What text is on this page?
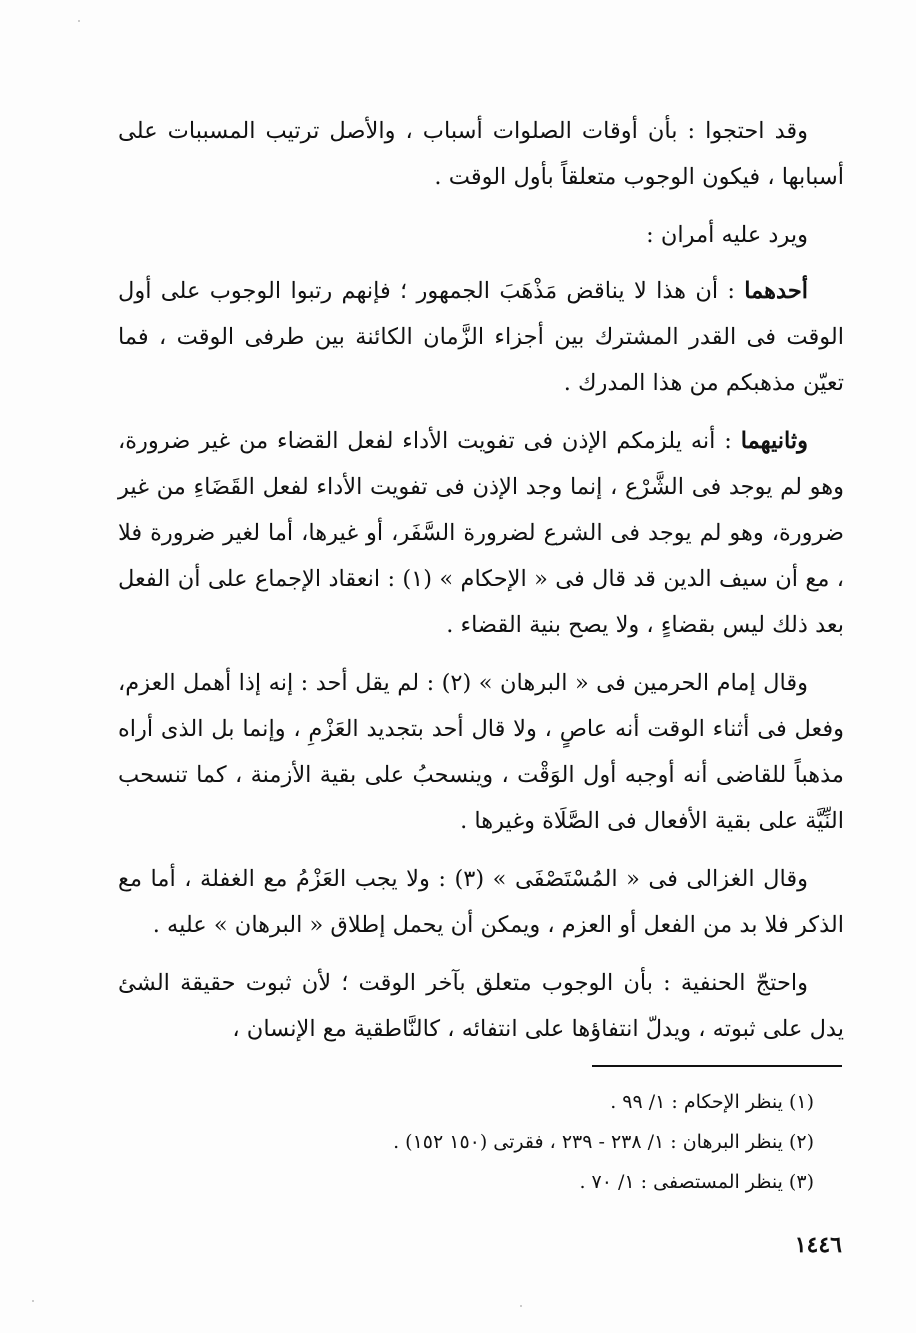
وقد احتجوا : بأن أوقات الصلوات أسباب ، والأصل ترتيب المسببات على أسبابها ، فيكون الوجوب متعلقاً بأول الوقت .

ويرد عليه أمران :

أحدهما : أن هذا لا يناقض مَذْهَبَ الجمهور ؛ فإنهم رتبوا الوجوب على أول الوقت فى القدر المشترك بين أجزاء الزَّمان الكائنة بين طرفى الوقت ، فما تعيّن مذهبكم من هذا المدرك .

وثانيهما : أنه يلزمكم الإذن فى تفويت الأداء لفعل القضاء من غير ضرورة، وهو لم يوجد فى الشَّرْع ، إنما وجد الإذن فى تفويت الأداء لفعل القَضَاءِ من غير ضرورة، وهو لم يوجد فى الشرع لضرورة السَّفَر، أو غيرها، أما لغير ضرورة فلا ، مع أن سيف الدين قد قال فى « الإحكام » (١) : انعقاد الإجماع على أن الفعل بعد ذلك ليس بقضاءٍ ، ولا يصح بنية القضاء .

وقال إمام الحرمين فى « البرهان » (٢) : لم يقل أحد : إنه إذا أهمل العزم، وفعل فى أثناء الوقت أنه عاصٍ ، ولا قال أحد بتجديد العَزْمِ ، وإنما بل الذى أراه مذهباً للقاضى أنه أوجبه أول الوَقْت ، وينسحبُ على بقية الأزمنة ، كما تنسحب النِّيَّة على بقية الأفعال فى الصَّلَاة وغيرها .

وقال الغزالى فى « المُسْتَصْفَى » (٣) : ولا يجب العَزْمُ مع الغفلة ، أما مع الذكر فلا بد من الفعل أو العزم ، ويمكن أن يحمل إطلاق « البرهان » عليه .

واحتجّ الحنفية : بأن الوجوب متعلق بآخر الوقت ؛ لأن ثبوت حقيقة الشئ يدل على ثبوته ، ويدلّ انتفاؤها على انتفائه ، كالنَّاطقية مع الإنسان ،

(١) ينظر الإحكام : ١/ ٩٩ .

(٢) ينظر البرهان : ١/ ٢٣٨ - ٢٣٩ ، فقرتى (١٥٠ ١٥٢) .

(٣) ينظر المستصفى : ١/ ٧٠ .

١٤٤٦
